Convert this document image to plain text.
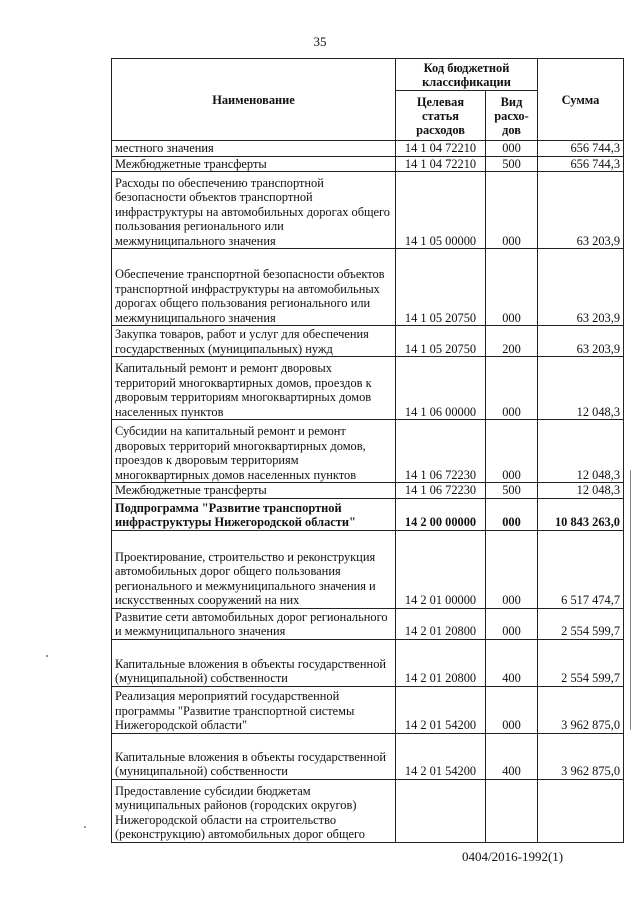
35
Наименование	Код бюджетной классификации		Сумма
	Целевая статья расходов	Вид расхо-дов	
местного значения	14 1 04 72210	000	656 744,3
Межбюджетные трансферты	14 1 04 72210	500	656 744,3
Расходы по обеспечению транспортной безопасности объектов транспортной инфраструктуры на автомобильных дорогах общего пользования регионального или межмуниципального значения	14 1 05 00000	000	63 203,9
Обеспечение транспортной безопасности объектов транспортной инфраструктуры на автомобильных дорогах общего пользования регионального или межмуниципального значения	14 1 05 20750	000	63 203,9
Закупка товаров, работ и услуг для обеспечения государственных (муниципальных) нужд	14 1 05 20750	200	63 203,9
Капитальный ремонт и ремонт дворовых территорий многоквартирных домов, проездов к дворовым территориям многоквартирных домов населенных пунктов	14 1 06 00000	000	12 048,3
Субсидии на капитальный ремонт и ремонт дворовых территорий многоквартирных домов, проездов к дворовым территориям многоквартирных домов населенных пунктов	14 1 06 72230	000	12 048,3
Межбюджетные трансферты	14 1 06 72230	500	12 048,3
Подпрограмма "Развитие транспортной инфраструктуры Нижегородской области"	14 2 00 00000	000	10 843 263,0
Проектирование, строительство и реконструкция автомобильных дорог общего пользования регионального и межмуниципального значения и искусственных сооружений на них	14 2 01 00000	000	6 517 474,7
Развитие сети автомобильных дорог регионального и межмуниципального значения	14 2 01 20800	000	2 554 599,7
Капитальные вложения в объекты государственной (муниципальной) собственности	14 2 01 20800	400	2 554 599,7
Реализация мероприятий государственной программы "Развитие транспортной системы Нижегородской области"	14 2 01 54200	000	3 962 875,0
Капитальные вложения в объекты государственной (муниципальной) собственности	14 2 01 54200	400	3 962 875,0
Предоставление субсидии бюджетам муниципальных районов (городских округов) Нижегородской области на строительство (реконструкцию) автомобильных дорог общего			
0404/2016-1992(1)
